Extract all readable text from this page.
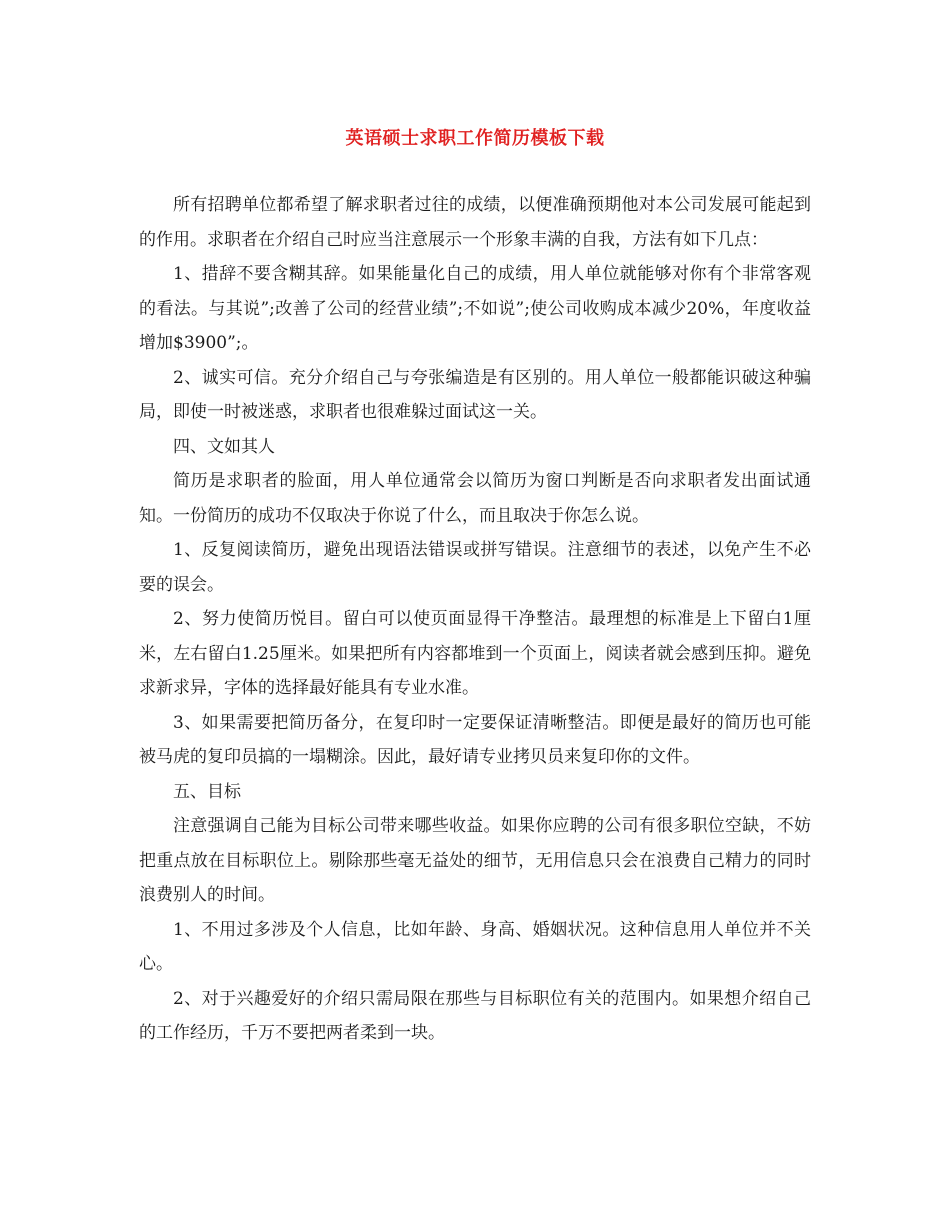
英语硕士求职工作简历模板下载

所有招聘单位都希望了解求职者过往的成绩，以便准确预期他对本公司发展可能起到的作用。求职者在介绍自己时应当注意展示一个形象丰满的自我，方法有如下几点：

1、措辞不要含糊其辞。如果能量化自己的成绩，用人单位就能够对你有个非常客观的看法。与其说”;改善了公司的经营业绩”;不如说”;使公司收购成本减少20%，年度收益增加$3900”;。

2、诚实可信。充分介绍自己与夸张编造是有区别的。用人单位一般都能识破这种骗局，即使一时被迷惑，求职者也很难躲过面试这一关。

四、文如其人

简历是求职者的脸面，用人单位通常会以简历为窗口判断是否向求职者发出面试通知。一份简历的成功不仅取决于你说了什么，而且取决于你怎么说。

1、反复阅读简历，避免出现语法错误或拼写错误。注意细节的表述，以免产生不必要的误会。

2、努力使简历悦目。留白可以使页面显得干净整洁。最理想的标准是上下留白1厘米，左右留白1.25厘米。如果把所有内容都堆到一个页面上，阅读者就会感到压抑。避免求新求异，字体的选择最好能具有专业水准。

3、如果需要把简历备分，在复印时一定要保证清晰整洁。即便是最好的简历也可能被马虎的复印员搞的一塌糊涂。因此，最好请专业拷贝员来复印你的文件。

五、目标

注意强调自己能为目标公司带来哪些收益。如果你应聘的公司有很多职位空缺，不妨把重点放在目标职位上。剔除那些毫无益处的细节，无用信息只会在浪费自己精力的同时浪费别人的时间。

1、不用过多涉及个人信息，比如年龄、身高、婚姻状况。这种信息用人单位并不关心。

2、对于兴趣爱好的介绍只需局限在那些与目标职位有关的范围内。如果想介绍自己的工作经历，千万不要把两者柔到一块。
